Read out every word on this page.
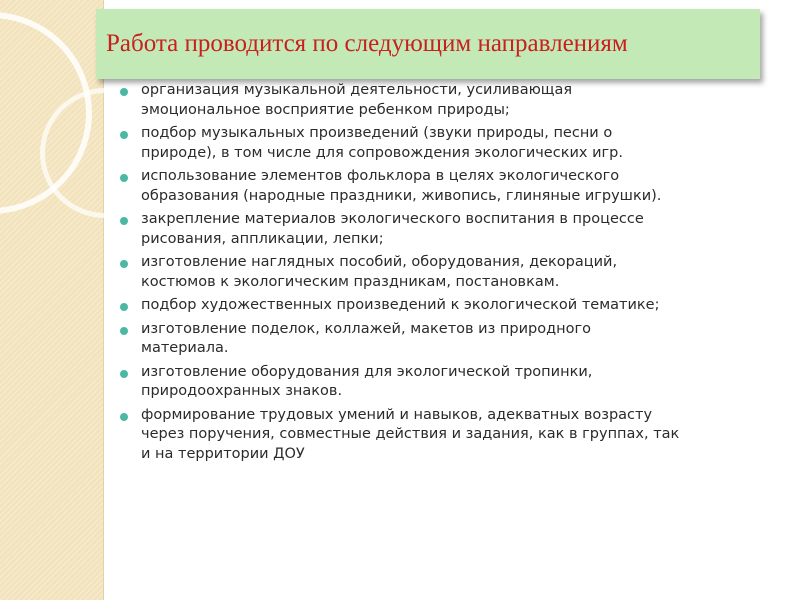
Работа проводится по следующим направлениям
организация музыкальной деятельности, усиливающая
эмоциональное восприятие ребенком природы;
подбор музыкальных произведений (звуки природы, песни о
природе), в том числе для сопровождения экологических игр.
использование элементов фольклора в целях экологического
образования (народные праздники, живопись, глиняные игрушки).
закрепление материалов экологического воспитания в процессе
рисования, аппликации, лепки;
изготовление наглядных пособий, оборудования, декораций,
костюмов к экологическим праздникам, постановкам.
подбор художественных произведений к экологической тематике;
изготовление поделок, коллажей, макетов из природного
материала.
изготовление оборудования для экологической тропинки,
природоохранных знаков.
формирование трудовых умений и навыков, адекватных возрасту
через поручения, совместные действия и задания, как в группах, так
и на территории ДОУ
